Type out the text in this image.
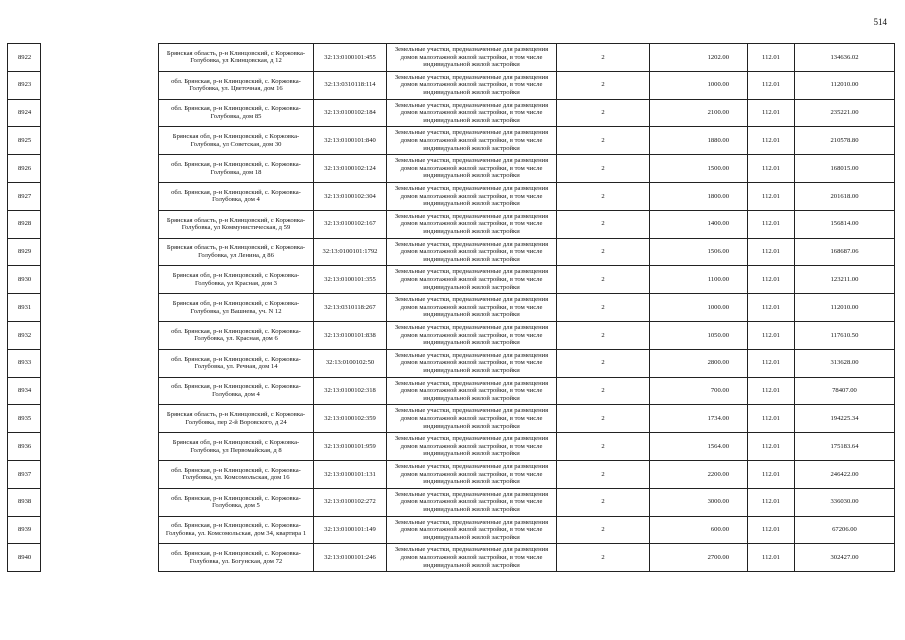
514
8922		Брянская область, р-н Клинцовский, с Коржовка-Голубовка, ул Клинцовская, д 12	32:13:0100101:455	Земельные участки, предназначенные для размещения домов малоэтажной жилой застройки, в том числе индивидуальной жилой застройки	2	1202.00	112.01	134636.02
8923		обл. Брянская, р-н Клинцовский, с. Коржовка-Голубовка, ул. Цветочная, дом 16	32:13:0310118:114	Земельные участки, предназначенные для размещения домов малоэтажной жилой застройки, в том числе индивидуальной жилой застройки	2	1000.00	112.01	112010.00
8924		обл. Брянская, р-н Клинцовский, с. Коржовка-Голубовка, дом 85	32:13:0100102:184	Земельные участки, предназначенные для размещения домов малоэтажной жилой застройки, в том числе индивидуальной жилой застройки	2	2100.00	112.01	235221.00
8925		Брянская обл, р-н Клинцовский, с Коржовка-Голубовка, ул Советская, дом 30	32:13:0100101:840	Земельные участки, предназначенные для размещения домов малоэтажной жилой застройки, в том числе индивидуальной жилой застройки	2	1880.00	112.01	210578.80
8926		обл. Брянская, р-н Клинцовский, с. Коржовка-Голубовка, дом 18	32:13:0100102:124	Земельные участки, предназначенные для размещения домов малоэтажной жилой застройки, в том числе индивидуальной жилой застройки	2	1500.00	112.01	168015.00
8927		обл. Брянская, р-н Клинцовский, с. Коржовка-Голубовка, дом 4	32:13:0100102:304	Земельные участки, предназначенные для размещения домов малоэтажной жилой застройки, в том числе индивидуальной жилой застройки	2	1800.00	112.01	201618.00
8928		Брянская область, р-н Клинцовский, с Коржовка-Голубовка, ул Коммунистическая, д 59	32:13:0100102:167	Земельные участки, предназначенные для размещения домов малоэтажной жилой застройки, в том числе индивидуальной жилой застройки	2	1400.00	112.01	156814.00
8929		Брянская область, р-н Клинцовский, с Коржовка-Голубовка, ул Ленина, д 86	32:13:0100101:1792	Земельные участки, предназначенные для размещения домов малоэтажной жилой застройки, в том числе индивидуальной жилой застройки	2	1506.00	112.01	168687.06
8930		Брянская обл, р-н Клинцовский, с Коржовка-Голубовка, ул Красная, дом 3	32:13:0100101:355	Земельные участки, предназначенные для размещения домов малоэтажной жилой застройки, в том числе индивидуальной жилой застройки	2	1100.00	112.01	123211.00
8931		Брянская обл, р-н Клинцовский, с Коржовка-Голубовка, ул Вашнева, уч. N 12	32:13:0310118:267	Земельные участки, предназначенные для размещения домов малоэтажной жилой застройки, в том числе индивидуальной жилой застройки	2	1000.00	112.01	112010.00
8932		обл. Брянская, р-н Клинцовский, с. Коржовка-Голубовка, ул. Красная, дом 6	32:13:0100101:838	Земельные участки, предназначенные для размещения домов малоэтажной жилой застройки, в том числе индивидуальной жилой застройки	2	1050.00	112.01	117610.50
8933		обл. Брянская, р-н Клинцовский, с. Коржовка-Голубовка, ул. Речная, дом 14	32:13:0100102:50	Земельные участки, предназначенные для размещения домов малоэтажной жилой застройки, в том числе индивидуальной жилой застройки	2	2800.00	112.01	313628.00
8934		обл. Брянская, р-н Клинцовский, с. Коржовка-Голубовка, дом 4	32:13:0100102:318	Земельные участки, предназначенные для размещения домов малоэтажной жилой застройки, в том числе индивидуальной жилой застройки	2	700.00	112.01	78407.00
8935		Брянская область, р-н Клинцовский, с Коржовка-Голубовка, пер 2-й Воровского, д 24	32:13:0100102:359	Земельные участки, предназначенные для размещения домов малоэтажной жилой застройки, в том числе индивидуальной жилой застройки	2	1734.00	112.01	194225.34
8936		Брянская обл, р-н Клинцовский, с Коржовка-Голубовка, ул Первомайская, д 8	32:13:0100101:959	Земельные участки, предназначенные для размещения домов малоэтажной жилой застройки, в том числе индивидуальной жилой застройки	2	1564.00	112.01	175183.64
8937		обл. Брянская, р-н Клинцовский, с. Коржовка-Голубовка, ул. Комсомольская, дом 16	32:13:0100101:131	Земельные участки, предназначенные для размещения домов малоэтажной жилой застройки, в том числе индивидуальной жилой застройки	2	2200.00	112.01	246422.00
8938		обл. Брянская, р-н Клинцовский, с. Коржовка-Голубовка, дом 5	32:13:0100102:272	Земельные участки, предназначенные для размещения домов малоэтажной жилой застройки, в том числе индивидуальной жилой застройки	2	3000.00	112.01	336030.00
8939		обл. Брянская, р-н Клинцовский, с. Коржовка-Голубовка, ул. Комсомольская, дом 34, квартира 1	32:13:0100101:149	Земельные участки, предназначенные для размещения домов малоэтажной жилой застройки, в том числе индивидуальной жилой застройки	2	600.00	112.01	67206.00
8940		обл. Брянская, р-н Клинцовский, с. Коржовка-Голубовка, ул. Богунская, дом 72	32:13:0100101:246	Земельные участки, предназначенные для размещения домов малоэтажной жилой застройки, в том числе индивидуальной жилой застройки	2	2700.00	112.01	302427.00
